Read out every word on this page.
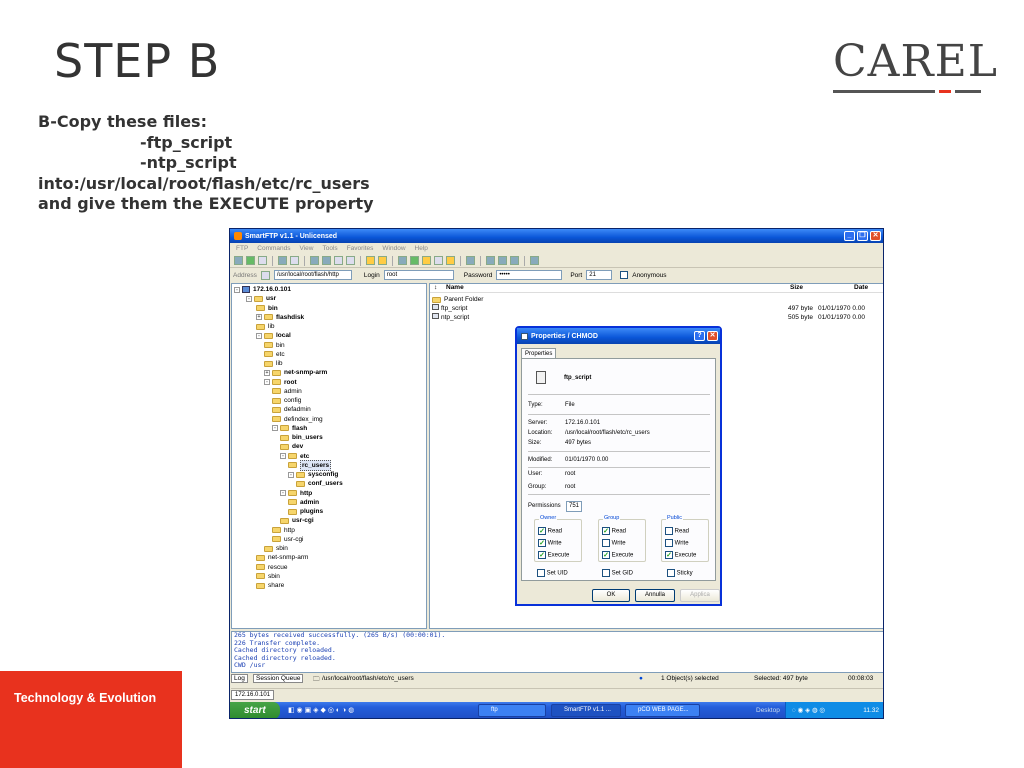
STEP B	CAREL
B-Copy these files:
-ftp_script
-ntp_script
into:/usr/local/root/flash/etc/rc_users
and give them the EXECUTE property
Technology & Evolution
SmartFTP v1.1 - Unlicensed	_	❐ ✕
FTP Commands View Tools Favorites Window Help
Address	/usr/local/root/flash/http	Login	root	Password	•••••	Port	21	Anonymous
-	172.16.0.101
-	usr
bin
+ flashdisk
lib
-	local
bin
etc
lib
+ net-snmp-arm
-	root
admin
config
defadmin
defindex_img
-	flash
bin_users
dev
-	etc
rc_users
-	sysconfig
conf_users
-	http
admin
plugins
usr-cgi
http
usr-cgi
sbin
net-snmp-arm
rescue
sbin
share
↕ Name	Size	Date
Parent Folder
ftp_script	497 byte 01/01/1970 0.00
ntp_script	505 byte 01/01/1970 0.00
Properties / CHMOD	?	✕
Properties
ftp_script
Type:	File
Server:	172.16.0.101
Location: /usr/local/root/flash/etc/rc_users
Size:	497 bytes
Modified: 01/01/1970 0.00
User:	root
Group:	root
Permissions	751
Owner
✓ Read
✓ Write
✓ Execute
Group
✓ Read
Write
✓ Execute
Public
Read
Write
✓ Execute
Set UID	Set GID	Sticky
OK	Annulla	Applica
265 bytes received successfully. (265 B/s) (00:00:01).
226 Transfer complete.
Cached directory reloaded.
Cached directory reloaded.
CWD /usr
Log	Session Queue	🗀 /usr/local/root/flash/etc/rc_users	●	1 Object(s) selected	Selected: 497 byte	00:08:03
172.16.0.101
start	◧ ◉ ▣ ◈ ◆ ◎ ◐ ◑ ◍	ftp	SmartFTP v1.1 ...	pCO WEB PAGE...	Desktop ◌ ◉ ◈ ◍ ◎	11.32
